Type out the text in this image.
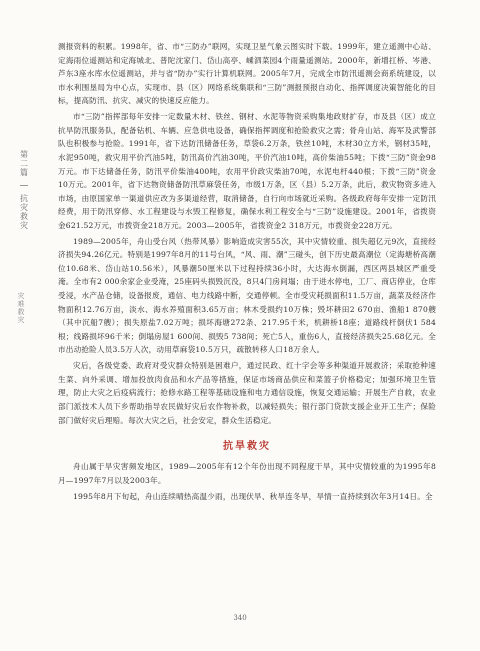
第二篇
抗灾救灾
灾难救灾

测报资料的积累。1998年，省、市“三防办”联网，实现卫星气象云图实时下载。1999年，建立遥测中心站、定海雨位遥测站和定海城北、普陀沈家门、岱山高亭、嵊泗菜园4个雨量遥测站。2000年，新增扛桥、岑港、芦东3座水库水位遥测站，并与省“防办”实行计算机联网。2005年7月，完成全市防汛遥测会商系统建设，以市水利围垦局为中心点，实现市、县（区）网络系统集联和“三防”测报预报自动化、指挥调度决策智能化的目标，提高防汛、抗灾、减灾的快速反应能力。

市“三防”指挥部每年安排一定数量木材、铁丝、钢材、水泥等物资采购集地政财扩存，市及县（区）成立抗旱防汛服务队，配备钻机、车辆、应急供电设备，确保指挥调度和抢险救灾之需；骨舟山站、海军及武警部队也积极参与抢险。1991年，省下达防汛储备任务，草袋6.2万条，铁丝10吨，木材30立方米，钢材35吨，水泥950吨，救灾用平价汽油5吨，防汛高价汽油30吨，平价汽油10吨，高价柴油55吨；下拨“三防”资金98万元。市下达储备任务，防汛平价柴油400吨，农用平价政灾柴油70吨，水泥电杆440根；下拨“三防”资金10万元。2001年，省下达物资储备防汛草麻袋任务，市级1万条，区（县）5.2万条，此后，救灾物资多进入市场，由原国家单一渠道供应改为多渠道经营，取消储备，自行向市场就近采购。各级政府每年安排一定防汛经费，用于防汛穿修、水工程建设与水毁工程修复，确保水利工程安全与“三防”设施建设。2001年，省拨资金621.52万元，市拨资金218万元。2003—2005年，省拨资金2 318万元，市拨资金228万元。

1989—2005年，舟山受台风（热带风暴）影响造成灾害55次，其中灾情较重、损失超亿元9次，直接经济损失94.26亿元。特别是1997年8月的11号台风，“风、雨、潮”三碰头，创下历史最高潮位（定海塘桥高潮位10.68米、岱山站10.56米），风暴潮50厘米以下过程持续36小时，大达海水倒漏，西区两县城区严重受淹。全市有2 000余家企业受淹，25座码头损毁沉没，8只4门房间塌；由于进水停电，工厂、商店停业，仓库受浸，水产品仓储，设备报废，通信、电力线路中断，交通停顿。全市受灾耗损面积11.5万亩，蔬菜及经济作物面积12.76万亩，淡水、海水养殖面积3.65万亩；林木受损约10万株；毁坏耕田2 670亩、渔船1 870艘（其中沉船7艘）；损失原盐7.02万吨；损坏海塘272条、217.95千米，机耕桥18座；道路线杆倒伏1 584根；线路损坏96千米；倒塌房屋1 600间、损毁5 738间；死亡5人，重伤6人，直接经济损失25.68亿元。全市出动抢险人员3.5万人次，动用草麻袋10.5万只，疏散转移人口18万余人。

灾后，各级党委、政府对受灾群众特别是困难户，通过民政、红十字会等多种渠道开展救济；采取抢种速生菜、向外采调、增加投放肉食品和水产品等措施，保证市场商品供应和菜篮子价格稳定；加强环境卫生管理，防止大灾之后疫病流行；抢修水路工程等基础设施和电力通信设施，恢复交通运输；开展生产自救，农业部门派技术人员下乡帮助指导农民做好灾后农作物补救，以减轻损失；银行部门贷款支援企业开工生产；保险部门做好灾后理赔。每次大灾之后，社会安定，群众生活稳定。

抗旱救灾

舟山属于旱灾害频发地区，1989—2005年有12个年份出现不同程度干旱，其中灾情较重的为1995年8月—1997年7月以及2003年。

1995年8月下旬起，舟山连续晴热高温少雨，出现伏旱、秋旱连冬旱，旱情一直持续到次年3月14日。全

340
